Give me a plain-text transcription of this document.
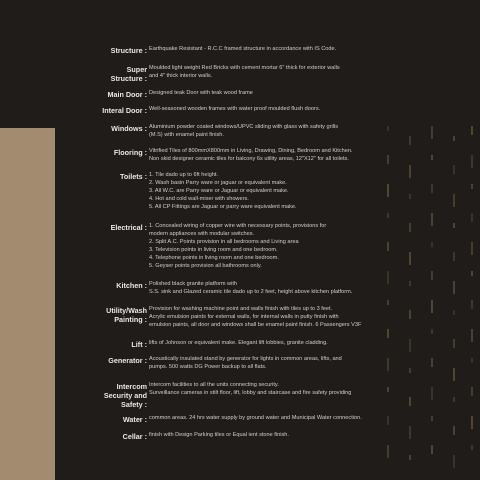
Structure : Earthquake Resistant - R.C.C framed structure in accordance with IS Code.
Super
Structure :
Moulded light weight Red Bricks with cement mortar 6" thick for exterior walls
and 4" thick interior walls.
Main Door : Designed teak Door with teak wood frame
Interal Door : Well-seasoned wooden frames with water proof moulded flush doors.
Windows : Aluminium powder coated windows/UPVC sliding with glass with safety grills
(M.S) with enamel paint finish.
Flooring : Vitrified Tiles of 800mmX800mm in Living, Drawing, Dining, Bedroom and Kitchen.
Non skid designer ceramic tiles for balcony 6s utility areas, 12"X12" for all toilets.
Toilets : 1. Tile dado up to 6ft height.
2. Wash basin Parry ware or jaguar or equivalent make.
3. All W.C. are Parry ware or Jaguar or equivalent make.
4. Hot and cold wall-mixer with showers.
5. All CP Fittings are Jaguar or parry ware equivalent make.
Electrical : 1. Concealed wiring of copper wire with necessary points, provisions for
modern appliances with modular switches.
2. Split A.C. Points provision in all bedrooms and Living area
3. Television points in living room and one bedroom.
4. Telephone points in living room and one bedroom.
5. Geyser points provision all bathrooms only.
Kitchen : Polished black granite platform with
S.S. sink and Glazed ceramic tile dado up to 2 feet, height above kitchen platform.
Utility/Wash
Painting :
Provision for washing machine point and walls finish with tiles up to 3 feet.
Acrylic emulsion paints for external walls, for internal walls in putty finish with
emulsion paints, all door and windows shall be enamel paint finish. 6 Passengers V3F
Lift : lifts of Johnson or equivalent make. Elegant lift lobbies, granite cladding.
Generator : Acoustically insulated stand by generator for lights in common areas, lifts, and
pumps. 500 watts DG Power backup to all flats.
Intercom
Security and
Safety :
Intercom facilities to all the units connecting security.
Surveillance cameras in stilt floor, lift, lobby and staircase and fire safety providing
Water : common areas. 24 hrs water supply by ground water and Municipal Water connection.
Cellar : finish with Design Parking tiles or Equal ient stone finish.
